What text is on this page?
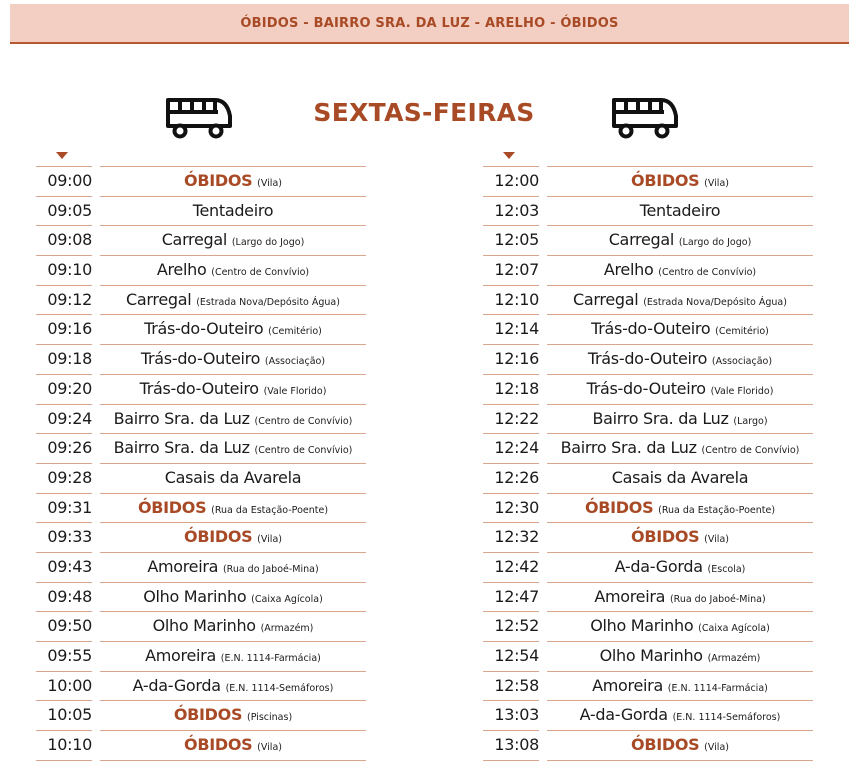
ÓBIDOS - BAIRRO SRA. DA LUZ - ARELHO - ÓBIDOS
SEXTAS-FEIRAS
09:00	ÓBIDOS (Vila)
09:05	Tentadeiro
09:08	Carregal (Largo do Jogo)
09:10	Arelho (Centro de Convívio)
09:12	Carregal (Estrada Nova/Depósito Água)
09:16	Trás-do-Outeiro (Cemitério)
09:18	Trás-do-Outeiro (Associação)
09:20	Trás-do-Outeiro (Vale Florido)
09:24	Bairro Sra. da Luz (Centro de Convívio)
09:26	Bairro Sra. da Luz (Centro de Convívio)
09:28	Casais da Avarela
09:31	ÓBIDOS (Rua da Estação-Poente)
09:33	ÓBIDOS (Vila)
09:43	Amoreira (Rua do Jaboé-Mina)
09:48	Olho Marinho (Caixa Agícola)
09:50	Olho Marinho (Armazém)
09:55	Amoreira (E.N. 1114-Farmácia)
10:00	A-da-Gorda (E.N. 1114-Semáforos)
10:05	ÓBIDOS (Piscinas)
10:10	ÓBIDOS (Vila)
12:00	ÓBIDOS (Vila)
12:03	Tentadeiro
12:05	Carregal (Largo do Jogo)
12:07	Arelho (Centro de Convívio)
12:10	Carregal (Estrada Nova/Depósito Água)
12:14	Trás-do-Outeiro (Cemitério)
12:16	Trás-do-Outeiro (Associação)
12:18	Trás-do-Outeiro (Vale Florido)
12:22	Bairro Sra. da Luz (Largo)
12:24	Bairro Sra. da Luz (Centro de Convívio)
12:26	Casais da Avarela
12:30	ÓBIDOS (Rua da Estação-Poente)
12:32	ÓBIDOS (Vila)
12:42	A-da-Gorda (Escola)
12:47	Amoreira (Rua do Jaboé-Mina)
12:52	Olho Marinho (Caixa Agícola)
12:54	Olho Marinho (Armazém)
12:58	Amoreira (E.N. 1114-Farmácia)
13:03	A-da-Gorda (E.N. 1114-Semáforos)
13:08	ÓBIDOS (Vila)
